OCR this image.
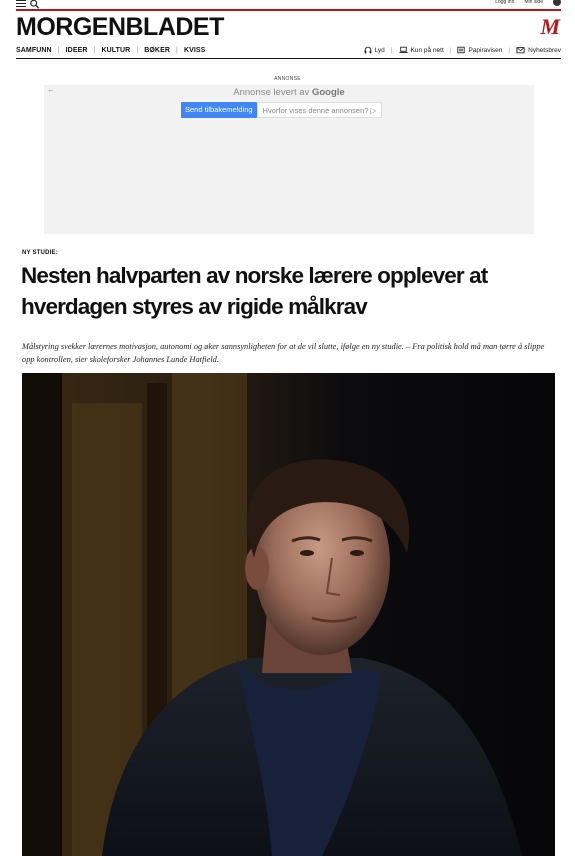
Logg inn Min side
MORGENBLADET	M
SAMFUNN | IDEER | KULTUR | BØKER | KVISS	Lyd |	Kun på nett |	Papiravisen |	Nyhetsbrev
ANNONSE
←	Annonse levert av Google
Send tilbakemelding	Hvorfor vises denne annonsen? ▷
NY STUDIE:
Nesten halvparten av norske lærere opplever at hverdagen styres av rigide målkrav

Målstyring svekker lærernes motivasjon, autonomi og øker sannsynligheten for at de vil slutte, ifølge en ny studie. – Fra politisk hold må man tørre å slippe opp kontrollen, sier skoleforsker Johannes Lunde Hatfield.
